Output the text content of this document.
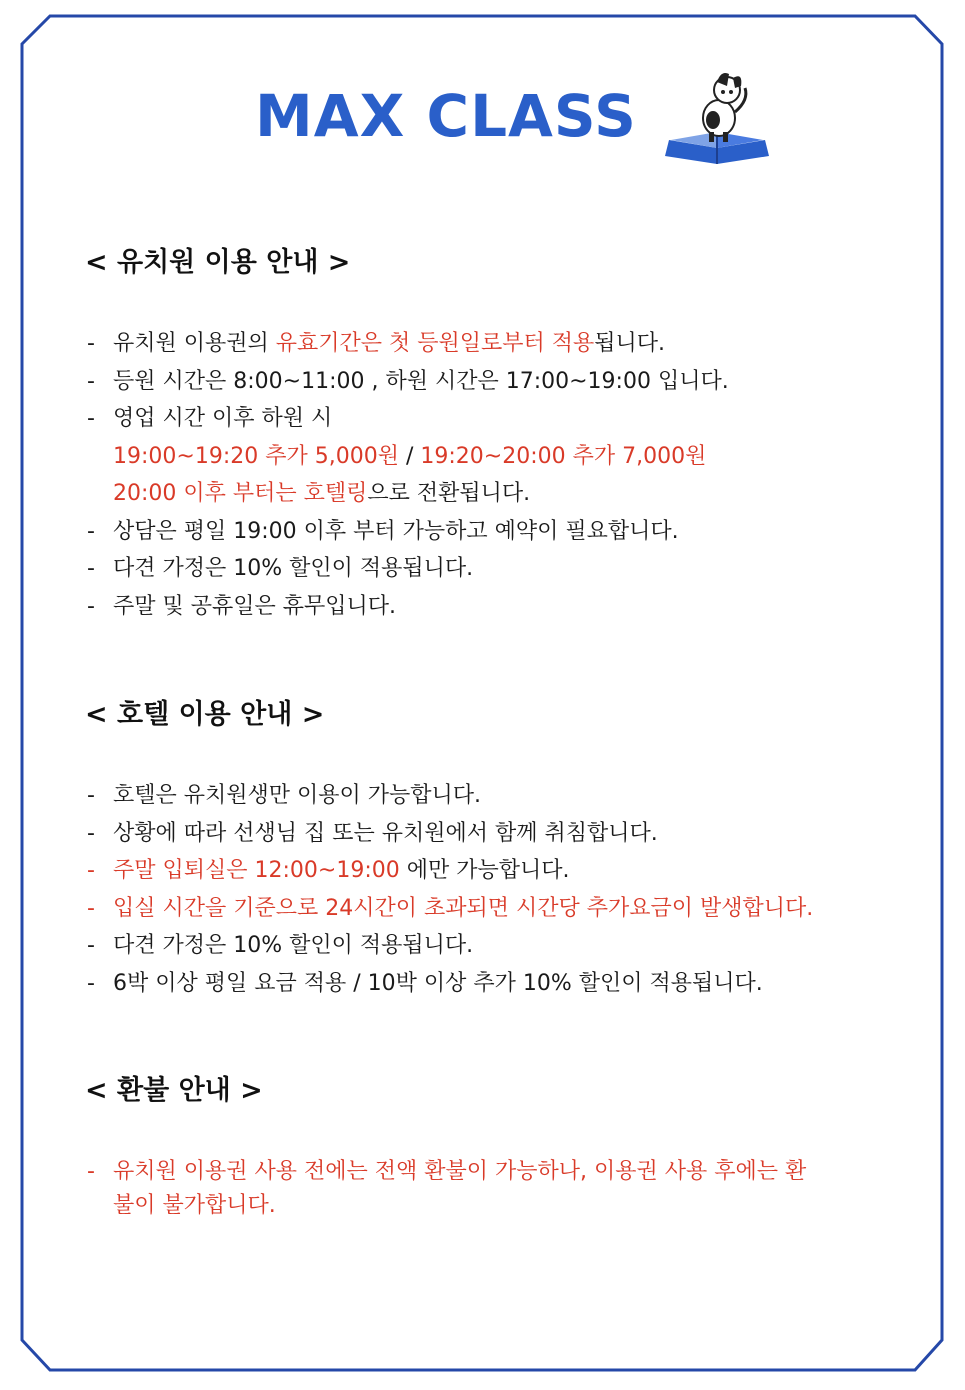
MAX CLASS
< 유치원 이용 안내 >
- 유치원 이용권의 유효기간은 첫 등원일로부터 적용됩니다.
- 등원 시간은 8:00~11:00 , 하원 시간은 17:00~19:00 입니다.
- 영업 시간 이후 하원 시
19:00~19:20 추가 5,000원 / 19:20~20:00 추가 7,000원
20:00 이후 부터는 호텔링으로 전환됩니다.
- 상담은 평일 19:00 이후 부터 가능하고 예약이 필요합니다.
- 다견 가정은 10% 할인이 적용됩니다.
- 주말 및 공휴일은 휴무입니다.
< 호텔 이용 안내 >
- 호텔은 유치원생만 이용이 가능합니다.
- 상황에 따라 선생님 집 또는 유치원에서 함께 취침합니다.
- 주말 입퇴실은 12:00~19:00 에만 가능합니다.
- 입실 시간을 기준으로 24시간이 초과되면 시간당 추가요금이 발생합니다.
- 다견 가정은 10% 할인이 적용됩니다.
- 6박 이상 평일 요금 적용 / 10박 이상 추가 10% 할인이 적용됩니다.
< 환불 안내 >
- 유치원 이용권 사용 전에는 전액 환불이 가능하나, 이용권 사용 후에는 환
불이 불가합니다.
